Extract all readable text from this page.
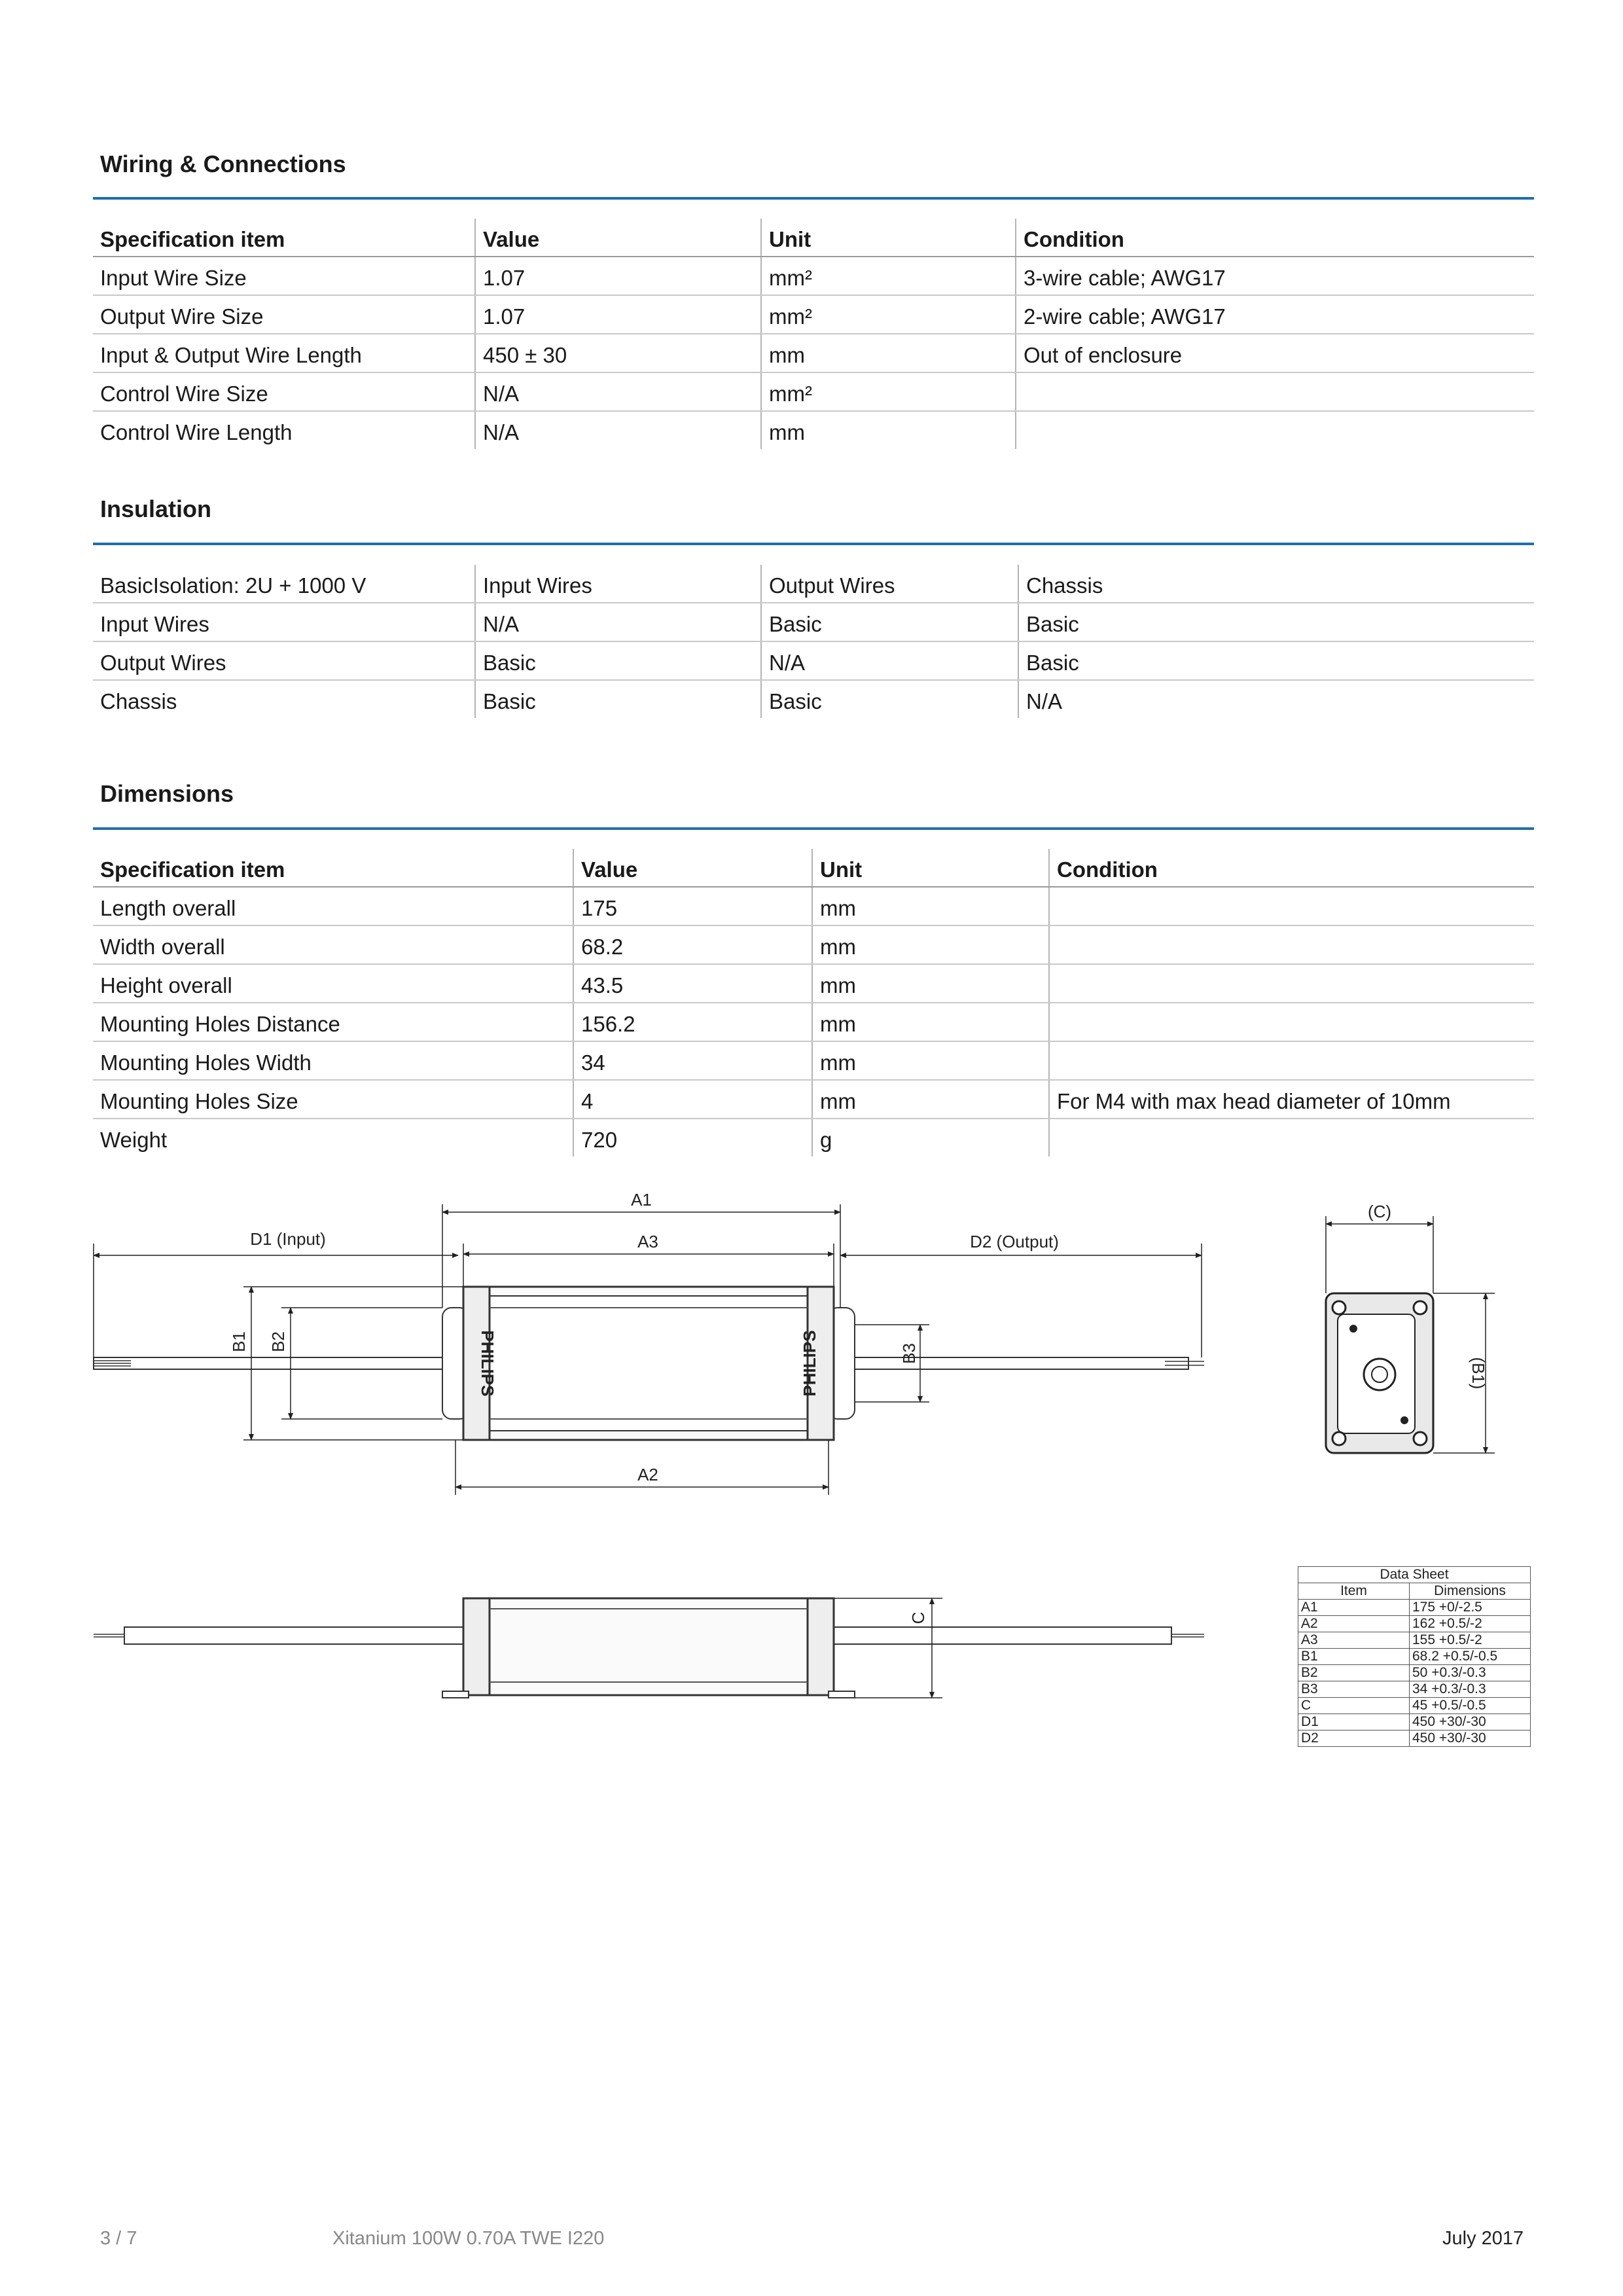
Wiring & Connections
Specification item	Value	Unit	Condition
Input Wire Size	1.07	mm²	3-wire cable; AWG17
Output Wire Size	1.07	mm²	2-wire cable; AWG17
Input & Output Wire Length	450 ± 30	mm	Out of enclosure
Control Wire Size	N/A	mm²	
Control Wire Length	N/A	mm	
Insulation
BasicIsolation: 2U + 1000 V	Input Wires	Output Wires	Chassis
Input Wires	N/A	Basic	Basic
Output Wires	Basic	N/A	Basic
Chassis	Basic	Basic	N/A
Dimensions
Specification item	Value	Unit	Condition
Length overall	175	mm	
Width overall	68.2	mm	
Height overall	43.5	mm	
Mounting Holes Distance	156.2	mm	
Mounting Holes Width	34	mm	
Mounting Holes Size	4	mm	For M4 with max head diameter of 10mm
Weight	720	g	
PHILIPS	PHILIPS
A1
A3
D1 (Input)	D2 (Output)
A2
B1 B2
B3
(C)
(B1)
C
Data Sheet	
Item	Dimensions
A1	175 +0/-2.5
A2	162 +0.5/-2
A3	155 +0.5/-2
B1	68.2 +0.5/-0.5
B2	50 +0.3/-0.3
B3	34 +0.3/-0.3
C	45 +0.5/-0.5
D1	450 +30/-30
D2	450 +30/-30
3 / 7	Xitanium 100W 0.70A TWE I220	July 2017
